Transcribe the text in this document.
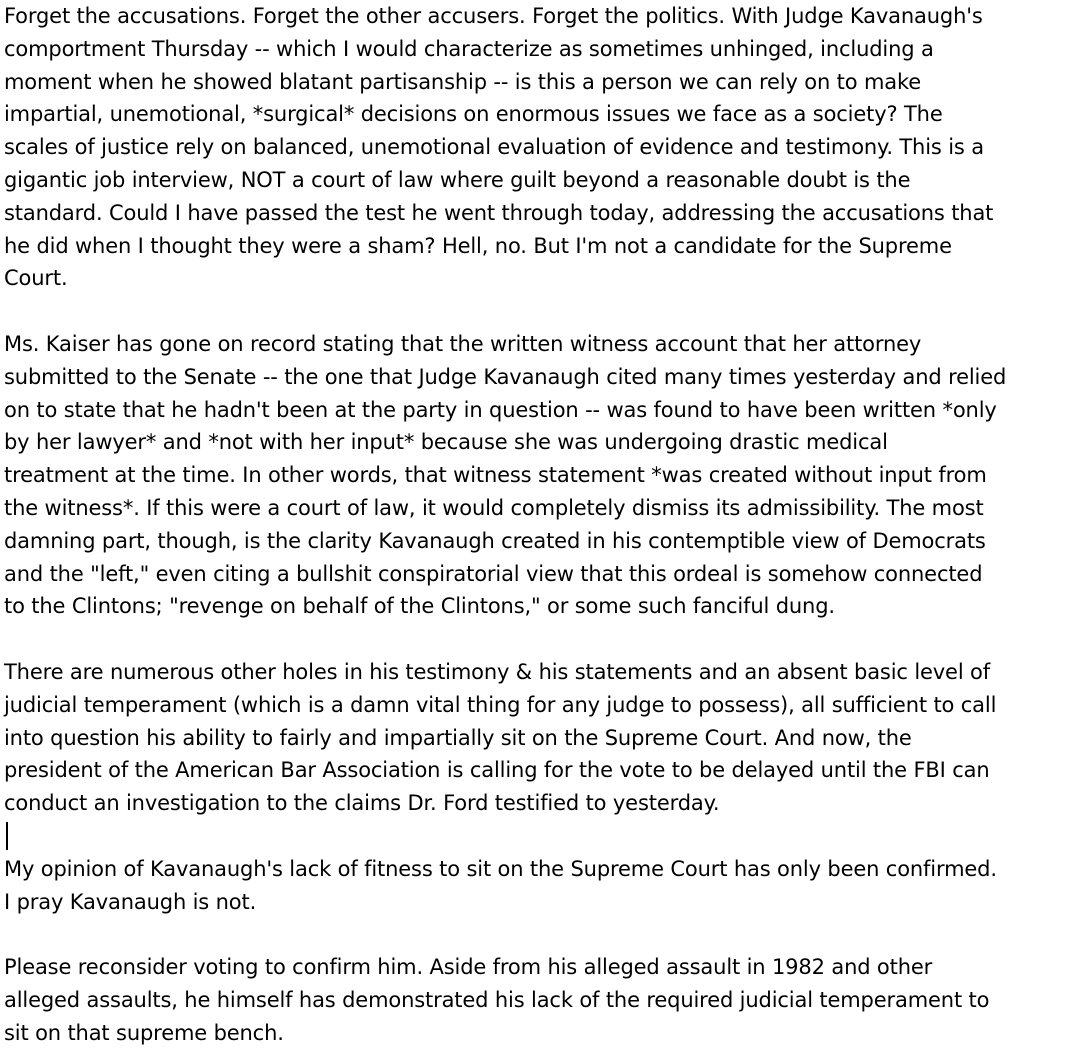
Forget the accusations. Forget the other accusers. Forget the politics. With Judge Kavanaugh's
comportment Thursday -- which I would characterize as sometimes unhinged, including a
moment when he showed blatant partisanship -- is this a person we can rely on to make
impartial, unemotional, *surgical* decisions on enormous issues we face as a society? The
scales of justice rely on balanced, unemotional evaluation of evidence and testimony. This is a
gigantic job interview, NOT a court of law where guilt beyond a reasonable doubt is the
standard. Could I have passed the test he went through today, addressing the accusations that
he did when I thought they were a sham? Hell, no. But I'm not a candidate for the Supreme
Court.
Ms. Kaiser has gone on record stating that the written witness account that her attorney
submitted to the Senate -- the one that Judge Kavanaugh cited many times yesterday and relied
on to state that he hadn't been at the party in question -- was found to have been written *only
by her lawyer* and *not with her input* because she was undergoing drastic medical
treatment at the time. In other words, that witness statement *was created without input from
the witness*. If this were a court of law, it would completely dismiss its admissibility. The most
damning part, though, is the clarity Kavanaugh created in his contemptible view of Democrats
and the "left," even citing a bullshit conspiratorial view that this ordeal is somehow connected
to the Clintons; "revenge on behalf of the Clintons," or some such fanciful dung.
There are numerous other holes in his testimony & his statements and an absent basic level of
judicial temperament (which is a damn vital thing for any judge to possess), all sufficient to call
into question his ability to fairly and impartially sit on the Supreme Court. And now, the
president of the American Bar Association is calling for the vote to be delayed until the FBI can
conduct an investigation to the claims Dr. Ford testified to yesterday.
My opinion of Kavanaugh's lack of fitness to sit on the Supreme Court has only been confirmed.
I pray Kavanaugh is not.
Please reconsider voting to confirm him. Aside from his alleged assault in 1982 and other
alleged assaults, he himself has demonstrated his lack of the required judicial temperament to
sit on that supreme bench.
